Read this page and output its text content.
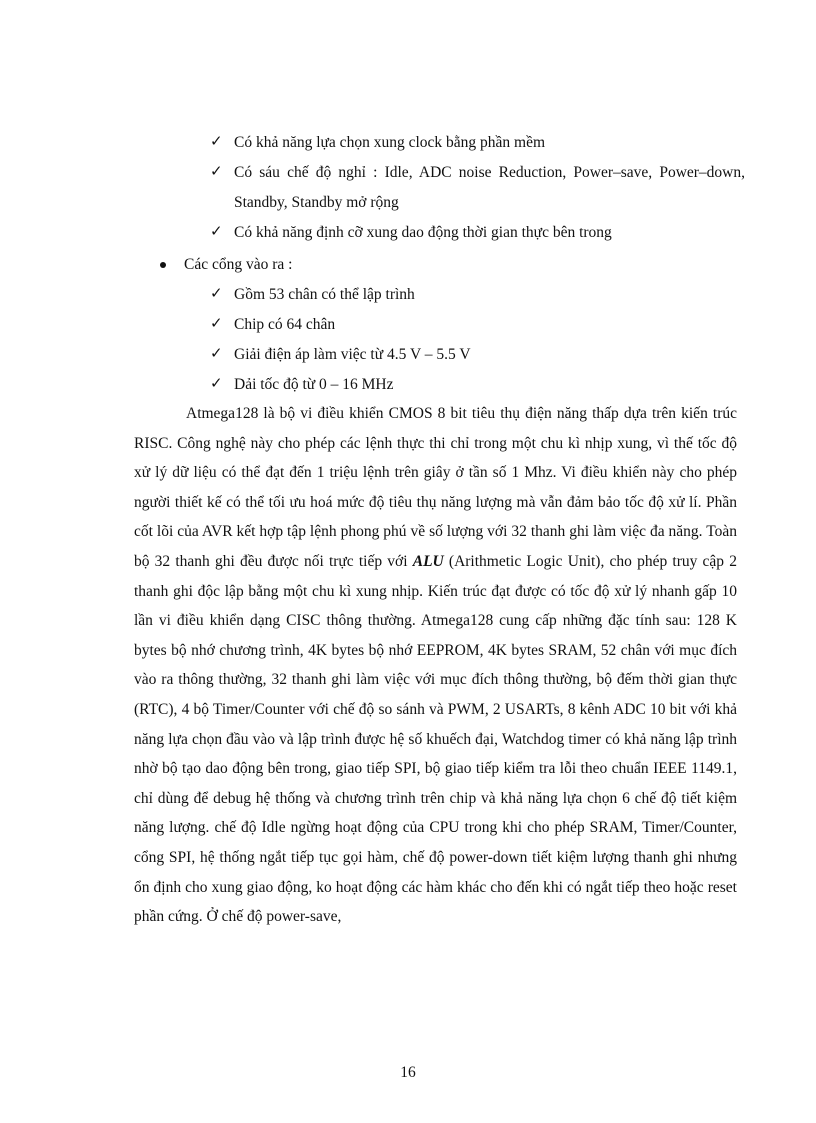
✓ Có khả năng lựa chọn xung clock bằng phần mềm
✓ Có sáu chế độ nghỉ : Idle, ADC noise Reduction, Power–save, Power–down, Standby, Standby mở rộng
✓ Có khả năng định cỡ xung dao động thời gian thực bên trong
Các cổng vào ra :
✓ Gồm 53 chân có thể lập trình
✓ Chip có 64 chân
✓ Giải điện áp làm việc từ 4.5 V – 5.5 V
✓ Dải tốc độ từ 0 – 16 MHz

Atmega128 là bộ vi điều khiển CMOS 8 bit tiêu thụ điện năng thấp dựa trên kiến trúc RISC. Công nghệ này cho phép các lệnh thực thi chỉ trong một chu kì nhịp xung, vì thế tốc độ xử lý dữ liệu có thể đạt đến 1 triệu lệnh trên giây ở tần số 1 Mhz. Vi điều khiển này cho phép người thiết kế có thể tối ưu hoá mức độ tiêu thụ năng lượng mà vẫn đảm bảo tốc độ xử lí. Phần cốt lõi của AVR kết hợp tập lệnh phong phú về số lượng với 32 thanh ghi làm việc đa năng. Toàn bộ 32 thanh ghi đều được nối trực tiếp với ALU (Arithmetic Logic Unit), cho phép truy cập 2 thanh ghi độc lập bằng một chu kì xung nhịp. Kiến trúc đạt được có tốc độ xử lý nhanh gấp 10 lần vi điều khiển dạng CISC thông thường. Atmega128 cung cấp những đặc tính sau: 128 K bytes bộ nhớ chương trình, 4K bytes bộ nhớ EEPROM, 4K bytes SRAM, 52 chân với mục đích vào ra thông thường, 32 thanh ghi làm việc với mục đích thông thường, bộ đếm thời gian thực (RTC), 4 bộ Timer/Counter với chế độ so sánh và PWM, 2 USARTs, 8 kênh ADC 10 bit với khả năng lựa chọn đầu vào và lập trình được hệ số khuếch đại, Watchdog timer có khả năng lập trình nhờ bộ tạo dao động bên trong, giao tiếp SPI, bộ giao tiếp kiểm tra lỗi theo chuẩn IEEE 1149.1, chỉ dùng để debug hệ thống và chương trình trên chip và khả năng lựa chọn 6 chế độ tiết kiệm năng lượng. chế độ Idle ngừng hoạt động của CPU trong khi cho phép SRAM, Timer/Counter, cổng SPI, hệ thống ngắt tiếp tục gọi hàm, chế độ power-down tiết kiệm lượng thanh ghi nhưng ổn định cho xung giao động, ko hoạt động các hàm khác cho đến khi có ngắt tiếp theo hoặc reset phần cứng. Ở chế độ power-save,

16
